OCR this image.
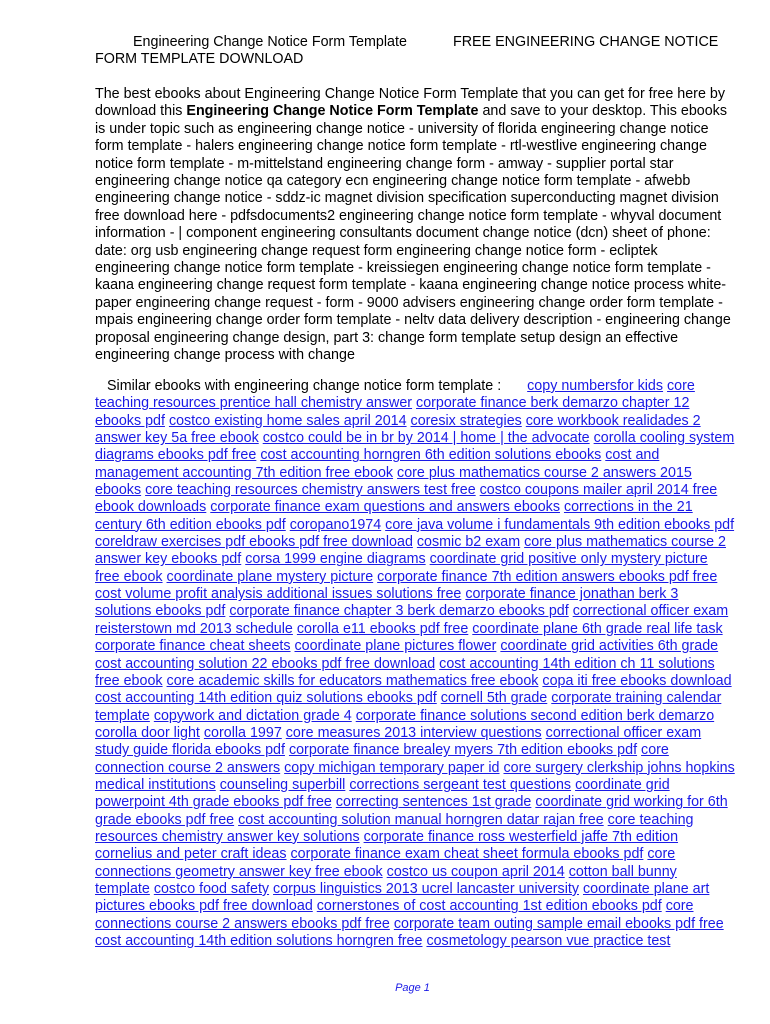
Engineering Change Notice Form Template	FREE ENGINEERING CHANGE NOTICE
FORM TEMPLATE DOWNLOAD
The best ebooks about Engineering Change Notice Form Template that you can get for free here by download this Engineering Change Notice Form Template and save to your desktop. This ebooks is under topic such as engineering change notice - university of florida engineering change notice form template - halers engineering change notice form template - rtl-westlive engineering change notice form template - m-mittelstand engineering change form - amway - supplier portal star engineering change notice qa category ecn engineering change notice form template - afwebb engineering change notice - sddz-ic magnet division specification superconducting magnet division free download here - pdfsdocuments2 engineering change notice form template - whyval document information - | component engineering consultants document change notice (dcn) sheet of phone: date: org usb engineering change request form engineering change notice form - ecliptek engineering change notice form template - kreissiegen engineering change notice form template - kaana engineering change request form template - kaana engineering change notice process white-paper engineering change request - form - 9000 advisers engineering change order form template - mpais engineering change order form template - neltv data delivery description - engineering change proposal engineering change design, part 3: change form template setup design an effective engineering change process with change
Similar ebooks with engineering change notice form template : copy numbersfor kids core teaching resources prentice hall chemistry answer corporate finance berk demarzo chapter 12 ebooks pdf costco existing home sales april 2014 coresix strategies core workbook realidades 2 answer key 5a free ebook costco could be in br by 2014 | home | the advocate corolla cooling system diagrams ebooks pdf free cost accounting horngren 6th edition solutions ebooks cost and management accounting 7th edition free ebook core plus mathematics course 2 answers 2015 ebooks core teaching resources chemistry answers test free costco coupons mailer april 2014 free ebook downloads corporate finance exam questions and answers ebooks corrections in the 21 century 6th edition ebooks pdf coropano1974 core java volume i fundamentals 9th edition ebooks pdf coreldraw exercises pdf ebooks pdf free download cosmic b2 exam core plus mathematics course 2 answer key ebooks pdf corsa 1999 engine diagrams coordinate grid positive only mystery picture free ebook coordinate plane mystery picture corporate finance 7th edition answers ebooks pdf free cost volume profit analysis additional issues solutions free corporate finance jonathan berk 3 solutions ebooks pdf corporate finance chapter 3 berk demarzo ebooks pdf correctional officer exam reisterstown md 2013 schedule corolla e11 ebooks pdf free coordinate plane 6th grade real life task corporate finance cheat sheets coordinate plane pictures flower coordinate grid activities 6th grade cost accounting solution 22 ebooks pdf free download cost accounting 14th edition ch 11 solutions free ebook core academic skills for educators mathematics free ebook copa iti free ebooks download cost accounting 14th edition quiz solutions ebooks pdf cornell 5th grade corporate training calendar template copywork and dictation grade 4 corporate finance solutions second edition berk demarzo corolla door light corolla 1997 core measures 2013 interview questions correctional officer exam study guide florida ebooks pdf corporate finance brealey myers 7th edition ebooks pdf core connection course 2 answers copy michigan temporary paper id core surgery clerkship johns hopkins medical institutions counseling superbill corrections sergeant test questions coordinate grid powerpoint 4th grade ebooks pdf free correcting sentences 1st grade coordinate grid working for 6th grade ebooks pdf free cost accounting solution manual horngren datar rajan free core teaching resources chemistry answer key solutions corporate finance ross westerfield jaffe 7th edition cornelius and peter craft ideas corporate finance exam cheat sheet formula ebooks pdf core connections geometry answer key free ebook costco us coupon april 2014 cotton ball bunny template costco food safety corpus linguistics 2013 ucrel lancaster university coordinate plane art pictures ebooks pdf free download cornerstones of cost accounting 1st edition ebooks pdf core connections course 2 answers ebooks pdf free corporate team outing sample email ebooks pdf free cost accounting 14th edition solutions horngren free cosmetology pearson vue practice test
Page 1
